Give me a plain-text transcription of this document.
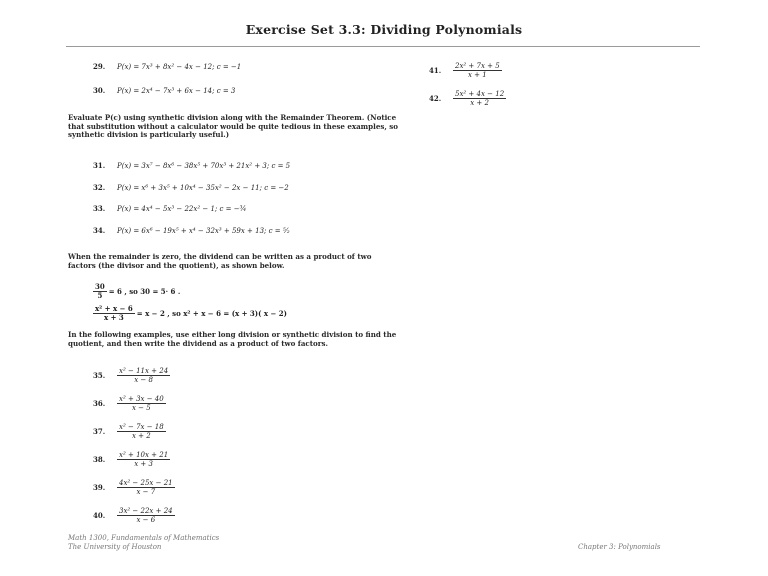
Exercise Set 3.3: Dividing Polynomials
29. P(x) = 7x³ + 8x² − 4x − 12; c = −1
30. P(x) = 2x⁴ − 7x³ + 6x − 14; c = 3
41.	$\frac{\text{2x² + 7x + 5}}{x + 1}$
42.	$\frac{\text{5x² + 4x − 12}}{x + 2}$
Evaluate P(c) using synthetic division along with the Remainder Theorem. (Notice that substitution without a calculator would be quite tedious in these examples, so synthetic division is particularly useful.)
31. P(x) = 3x⁷ − 8x⁶ − 38x⁵ + 70x³ + 21x² + 3; c = 5
32. P(x) = x⁶ + 3x⁵ + 10x⁴ − 35x² − 2x − 11; c = −2
33. P(x) = 4x⁴ − 5x³ − 22x² − 1; c = −¾
34. P(x) = 6x⁶ − 19x⁵ + x⁴ − 32x³ + 59x + 13; c = ⁵⁄₂
When the remainder is zero, the dividend can be written as a product of two factors (the divisor and the quotient), as shown below.
$\frac{30}{5} = 6$ , so 30 = 5· 6 .
$\frac{\text{x² + x − 6}}{x + 3} = x - 2$ , so x² + x − 6 = (x + 3)( x − 2)
In the following examples, use either long division or synthetic division to find the quotient, and then write the dividend as a product of two factors.
35.	$\frac{\text{x² − 11x + 24}}{x - 8}$
36.	$\frac{\text{x² + 3x − 40}}{x - 5}$
37.	$\frac{\text{x² − 7x − 18}}{x + 2}$
38.	$\frac{\text{x² + 10x + 21}}{x + 3}$
39.	$\frac{\text{4x² − 25x − 21}}{x - 7}$
40.	$\frac{\text{3x² − 22x + 24}}{x - 6}$
Math 1300, Fundamentals of Mathematics
The University of Houston	Chapter 3: Polynomials
